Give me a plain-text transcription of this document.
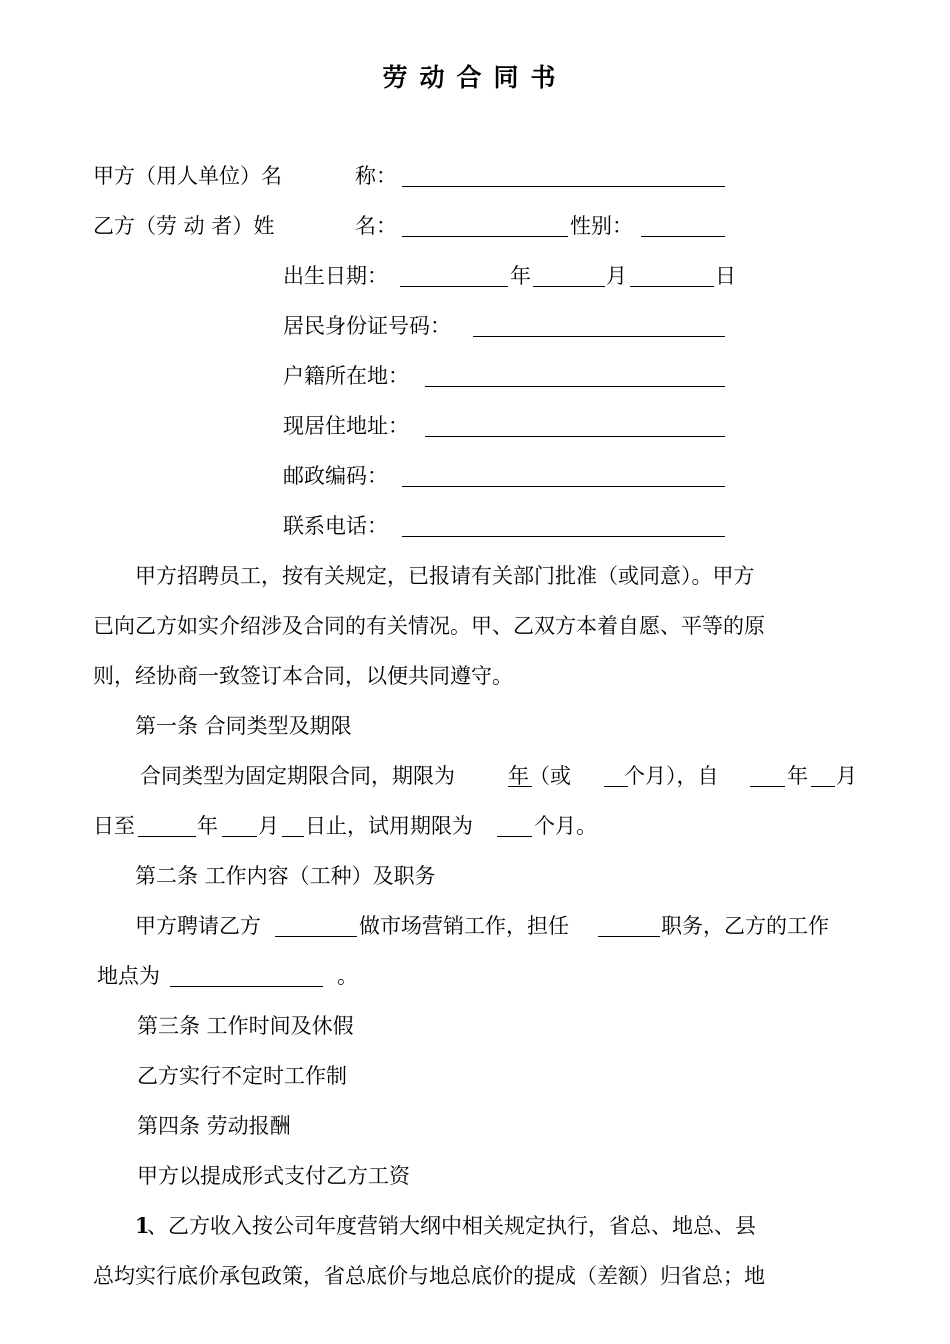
劳动合同书
甲方（用人单位）名	称：
乙方（劳 动 者）姓	名：	性别：
出生日期：	年	月	日
居民身份证号码：
户籍所在地：
现居住地址：
邮政编码：
联系电话：
甲方招聘员工，按有关规定，已报请有关部门批准（或同意）。甲方
已向乙方如实介绍涉及合同的有关情况。甲、乙双方本着自愿、平等的原
则，经协商一致签订本合同，以便共同遵守。
第一条 合同类型及期限
合同类型为固定期限合同，期限为	年（或	个月），自	年 月
日至	年 月 日止，试用期限为	个月。
第二条 工作内容（工种）及职务
甲方聘请乙方	做市场营销工作，担任	职务，乙方的工作
地点为	。
第三条 工作时间及休假
乙方实行不定时工作制
第四条 劳动报酬
甲方以提成形式支付乙方工资
1
、乙方收入按公司年度营销大纲中相关规定执行，省总、地总、县
总均实行底价承包政策，省总底价与地总底价的提成（差额）归省总；地
